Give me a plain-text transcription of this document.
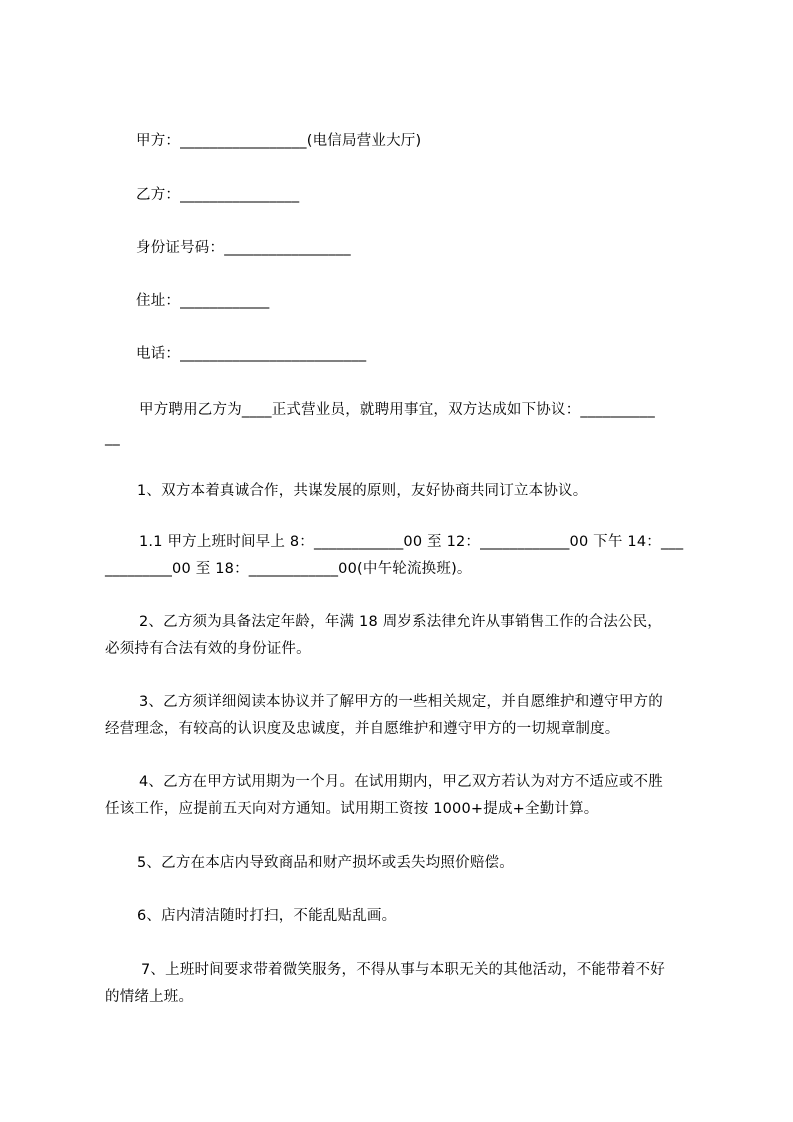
甲方：_________________(电信局营业大厅)

乙方：________________

身份证号码：_________________

住址：____________

电话：_________________________

甲方聘用乙方为____正式营业员，就聘用事宜，双方达成如下协议：__________

__

1、双方本着真诚合作，共谋发展的原则，友好协商共同订立本协议。

1.1 甲方上班时间早上 8：____________00 至 12：____________00 下午 14：___

_________00 至 18：____________00(中午轮流换班)。

2、乙方须为具备法定年龄，年满 18 周岁系法律允许从事销售工作的合法公民，

必须持有合法有效的身份证件。

3、乙方须详细阅读本协议并了解甲方的一些相关规定，并自愿维护和遵守甲方的

经营理念，有较高的认识度及忠诚度，并自愿维护和遵守甲方的一切规章制度。

4、乙方在甲方试用期为一个月。在试用期内，甲乙双方若认为对方不适应或不胜

任该工作，应提前五天向对方通知。试用期工资按 1000+提成+全勤计算。

5、乙方在本店内导致商品和财产损坏或丢失均照价赔偿。

6、店内清洁随时打扫，不能乱贴乱画。

7、上班时间要求带着微笑服务，不得从事与本职无关的其他活动，不能带着不好

的情绪上班。
